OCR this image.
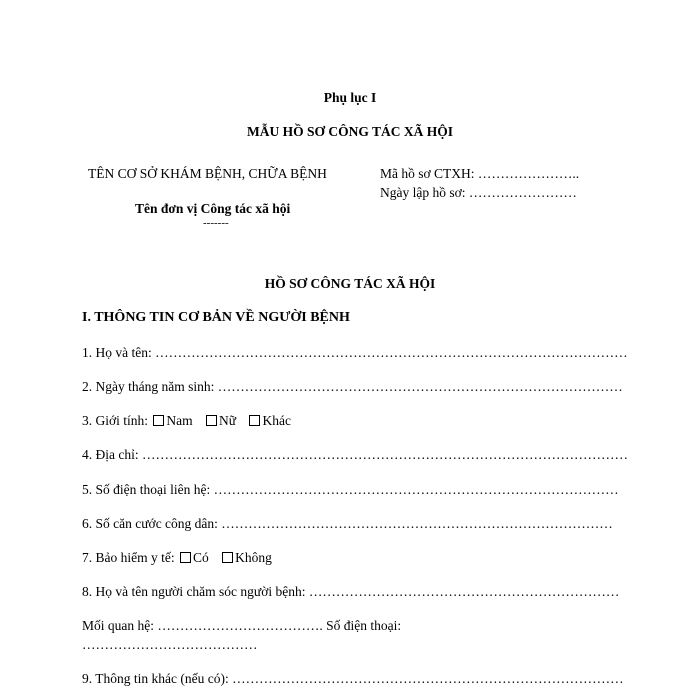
Phụ lục I
MẪU HỒ SƠ CÔNG TÁC XÃ HỘI
TÊN CƠ SỞ KHÁM BỆNH, CHỮA BỆNH
Tên đơn vị Công tác xã hội
-------
Mã hồ sơ CTXH: …………………..
Ngày lập hồ sơ: ……………………
HỒ SƠ CÔNG TÁC XÃ HỘI
I. THÔNG TIN CƠ BẢN VỀ NGƯỜI BỆNH
1. Họ và tên: ……………………………………………………………………………………………
2. Ngày tháng năm sinh: ………………………………………………………………………………
3. Giới tính: Nam Nữ Khác
4. Địa chỉ: ………………………………………………………………………………………………
5. Số điện thoại liên hệ: ………………………………………………………………………………
6. Số căn cước công dân: ……………………………………………………………………………
7. Bảo hiểm y tế: Có Không
8. Họ và tên người chăm sóc người bệnh: ……………………………………………………………
Mối quan hệ: ………………………………. Số điện thoại:
…………………………………
9. Thông tin khác (nếu có): ……………………………………………………………………………
